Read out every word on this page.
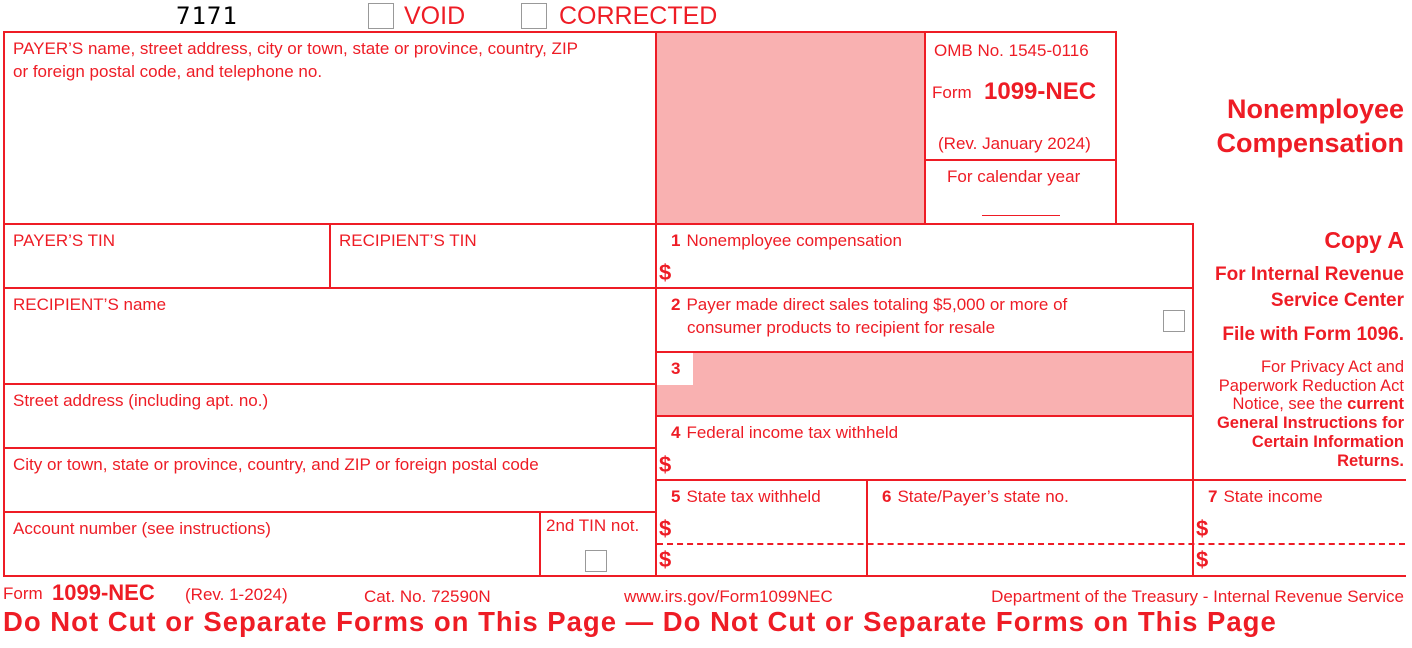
7171	VOID	CORRECTED
PAYER’S name, street address, city or town, state or province, country, ZIP
or foreign postal code, and telephone no.
OMB No. 1545-0116
Form 1099-NEC
(Rev. January 2024)
For calendar year
Nonemployee
Compensation
PAYER’S TIN	RECIPIENT’S TIN
RECIPIENT’S name
Street address (including apt. no.)
City or town, state or province, country, and ZIP or foreign postal code
Account number (see instructions)	2nd TIN not.
1 Nonemployee compensation
$
2 Payer made direct sales totaling $5,000 or more of
consumer products to recipient for resale
3
4 Federal income tax withheld
$
5 State tax withheld
$
$
6 State/Payer’s state no.	7 State income
$
$
Copy A
For Internal Revenue
Service Center
File with Form 1096.
For Privacy Act and
Paperwork Reduction Act
Notice, see the current
General Instructions for
Certain Information
Returns.
Form 1099-NEC (Rev. 1-2024)	Cat. No. 72590N	www.irs.gov/Form1099NEC	Department of the Treasury - Internal Revenue Service
Do Not Cut or Separate Forms on This Page — Do Not Cut or Separate Forms on This Page
